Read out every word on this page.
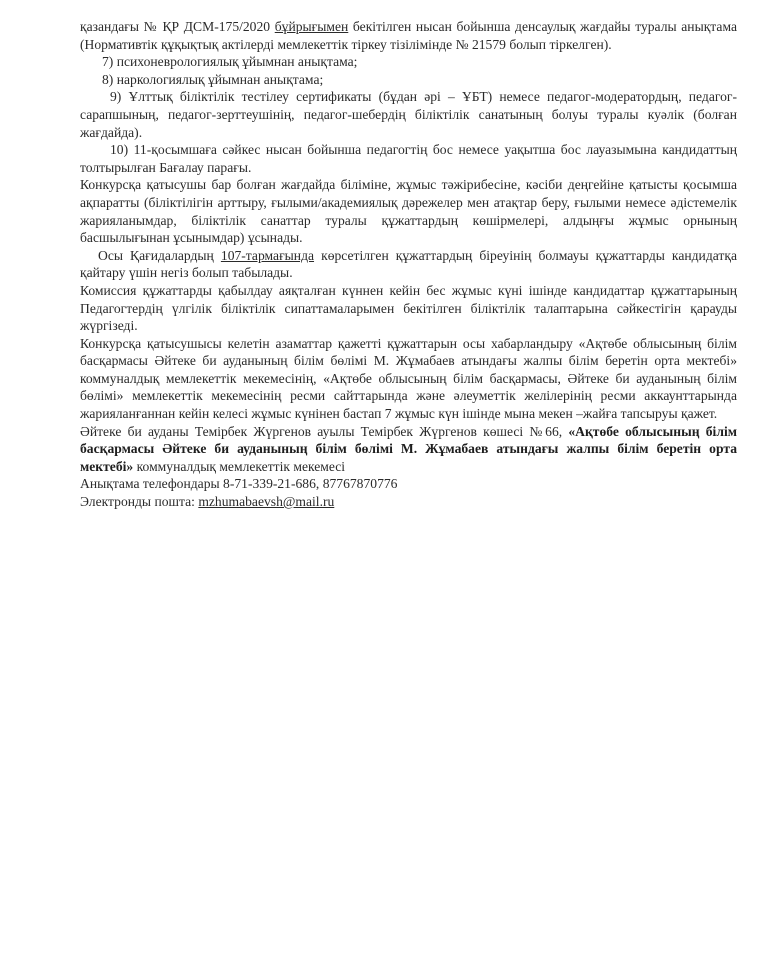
қазандағы № ҚР ДСМ-175/2020 бұйрығымен бекітілген нысан бойынша денсаулық жағдайы туралы анықтама (Нормативтік құқықтық актілерді мемлекеттік тіркеу тізілімінде № 21579 болып тіркелген).

7) психоневрологиялық ұйымнан анықтама;

8) наркологиялық ұйымнан анықтама;

9) Ұлттық біліктілік тестілеу сертификаты (бұдан әрі – ҰБТ) немесе педагог-модератордың, педагог-сарапшының, педагог-зерттеушінің, педагог-шебердің біліктілік санатының болуы туралы куәлік (болған жағдайда).

10) 11-қосымшаға сәйкес нысан бойынша педагогтің бос немесе уақытша бос лауазымына кандидаттың толтырылған Бағалау парағы.

Конкурсқа қатысушы бар болған жағдайда біліміне, жұмыс тәжірибесіне, кәсіби деңгейіне қатысты қосымша ақпаратты (біліктілігін арттыру, ғылыми/академиялық дәрежелер мен атақтар беру, ғылыми немесе әдістемелік жарияланымдар, біліктілік санаттар туралы құжаттардың көшірмелері, алдыңғы жұмыс орнының басшылығынан ұсынымдар) ұсынады.

Осы Қағидалардың 107-тармағында көрсетілген құжаттардың біреуінің болмауы құжаттарды кандидатқа қайтару үшін негіз болып табылады.

Комиссия құжаттарды қабылдау аяқталған күннен кейін бес жұмыс күні ішінде кандидаттар құжаттарының Педагогтердің үлгілік біліктілік сипаттамаларымен бекітілген біліктілік талаптарына сәйкестігін қарауды жүргізеді.

Конкурсқа қатысушысы келетін азаматтар қажетті құжаттарын осы хабарландыру «Ақтөбе облысының білім басқармасы Әйтеке би ауданының білім бөлімі М. Жұмабаев атындағы жалпы білім беретін орта мектебі» коммуналдық мемлекеттік мекемесінің, «Ақтөбе облысының білім басқармасы, Әйтеке би ауданының білім бөлімі» мемлекеттік мекемесінің ресми сайттарында және әлеуметтік желілерінің ресми аккаунттарында жарияланғаннан кейін келесі жұмыс күнінен бастап 7 жұмыс күн ішінде мына мекен –жайға тапсыруы қажет.

Әйтеке би ауданы Темірбек Жүргенов ауылы Темірбек Жүргенов көшесі №66, «Ақтөбе облысының білім басқармасы Әйтеке би ауданының білім бөлімі М. Жұмабаев атындағы жалпы білім беретін орта мектебі» коммуналдық мемлекеттік мекемесі

Анықтама телефондары 8-71-339-21-686, 87767870776

Электронды пошта: mzhumabaevsh@mail.ru
